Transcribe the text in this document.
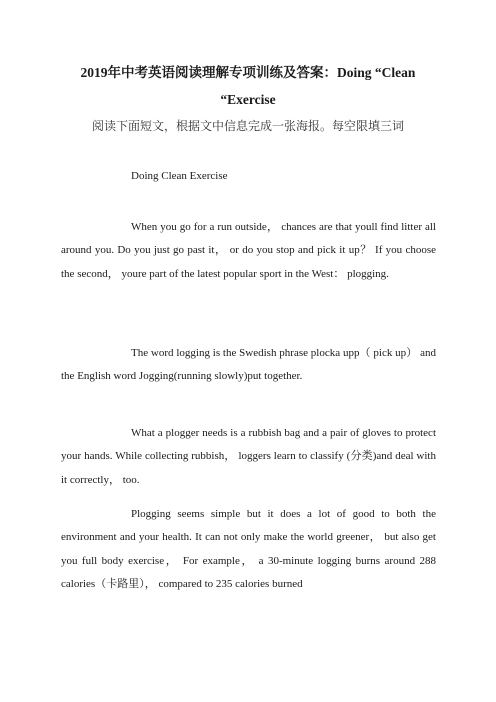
2019年中考英语阅读理解专项训练及答案：Doing “Clean
“Exercise
阅读下面短文，根据文中信息完成一张海报。每空限填三词
Doing Clean Exercise

When you go for a run outside， chances are that youll find litter all around you. Do you just go past it， or do you stop and pick it up？ If you choose the second， youre part of the latest popular sport in the West： plogging.

The word logging is the Swedish phrase plocka upp（ pick up） and the English word Jogging(running slowly)put together.

What a plogger needs is a rubbish bag and a pair of gloves to protect your hands. While collecting rubbish， loggers learn to classify (分类)and deal with it correctly， too.

Plogging seems simple but it does a lot of good to both the environment and your health. It can not only make the world greener， but also get you full body exercise， For example， a 30-minute logging burns around 288 calories（卡路里）， compared to 235 calories burned
